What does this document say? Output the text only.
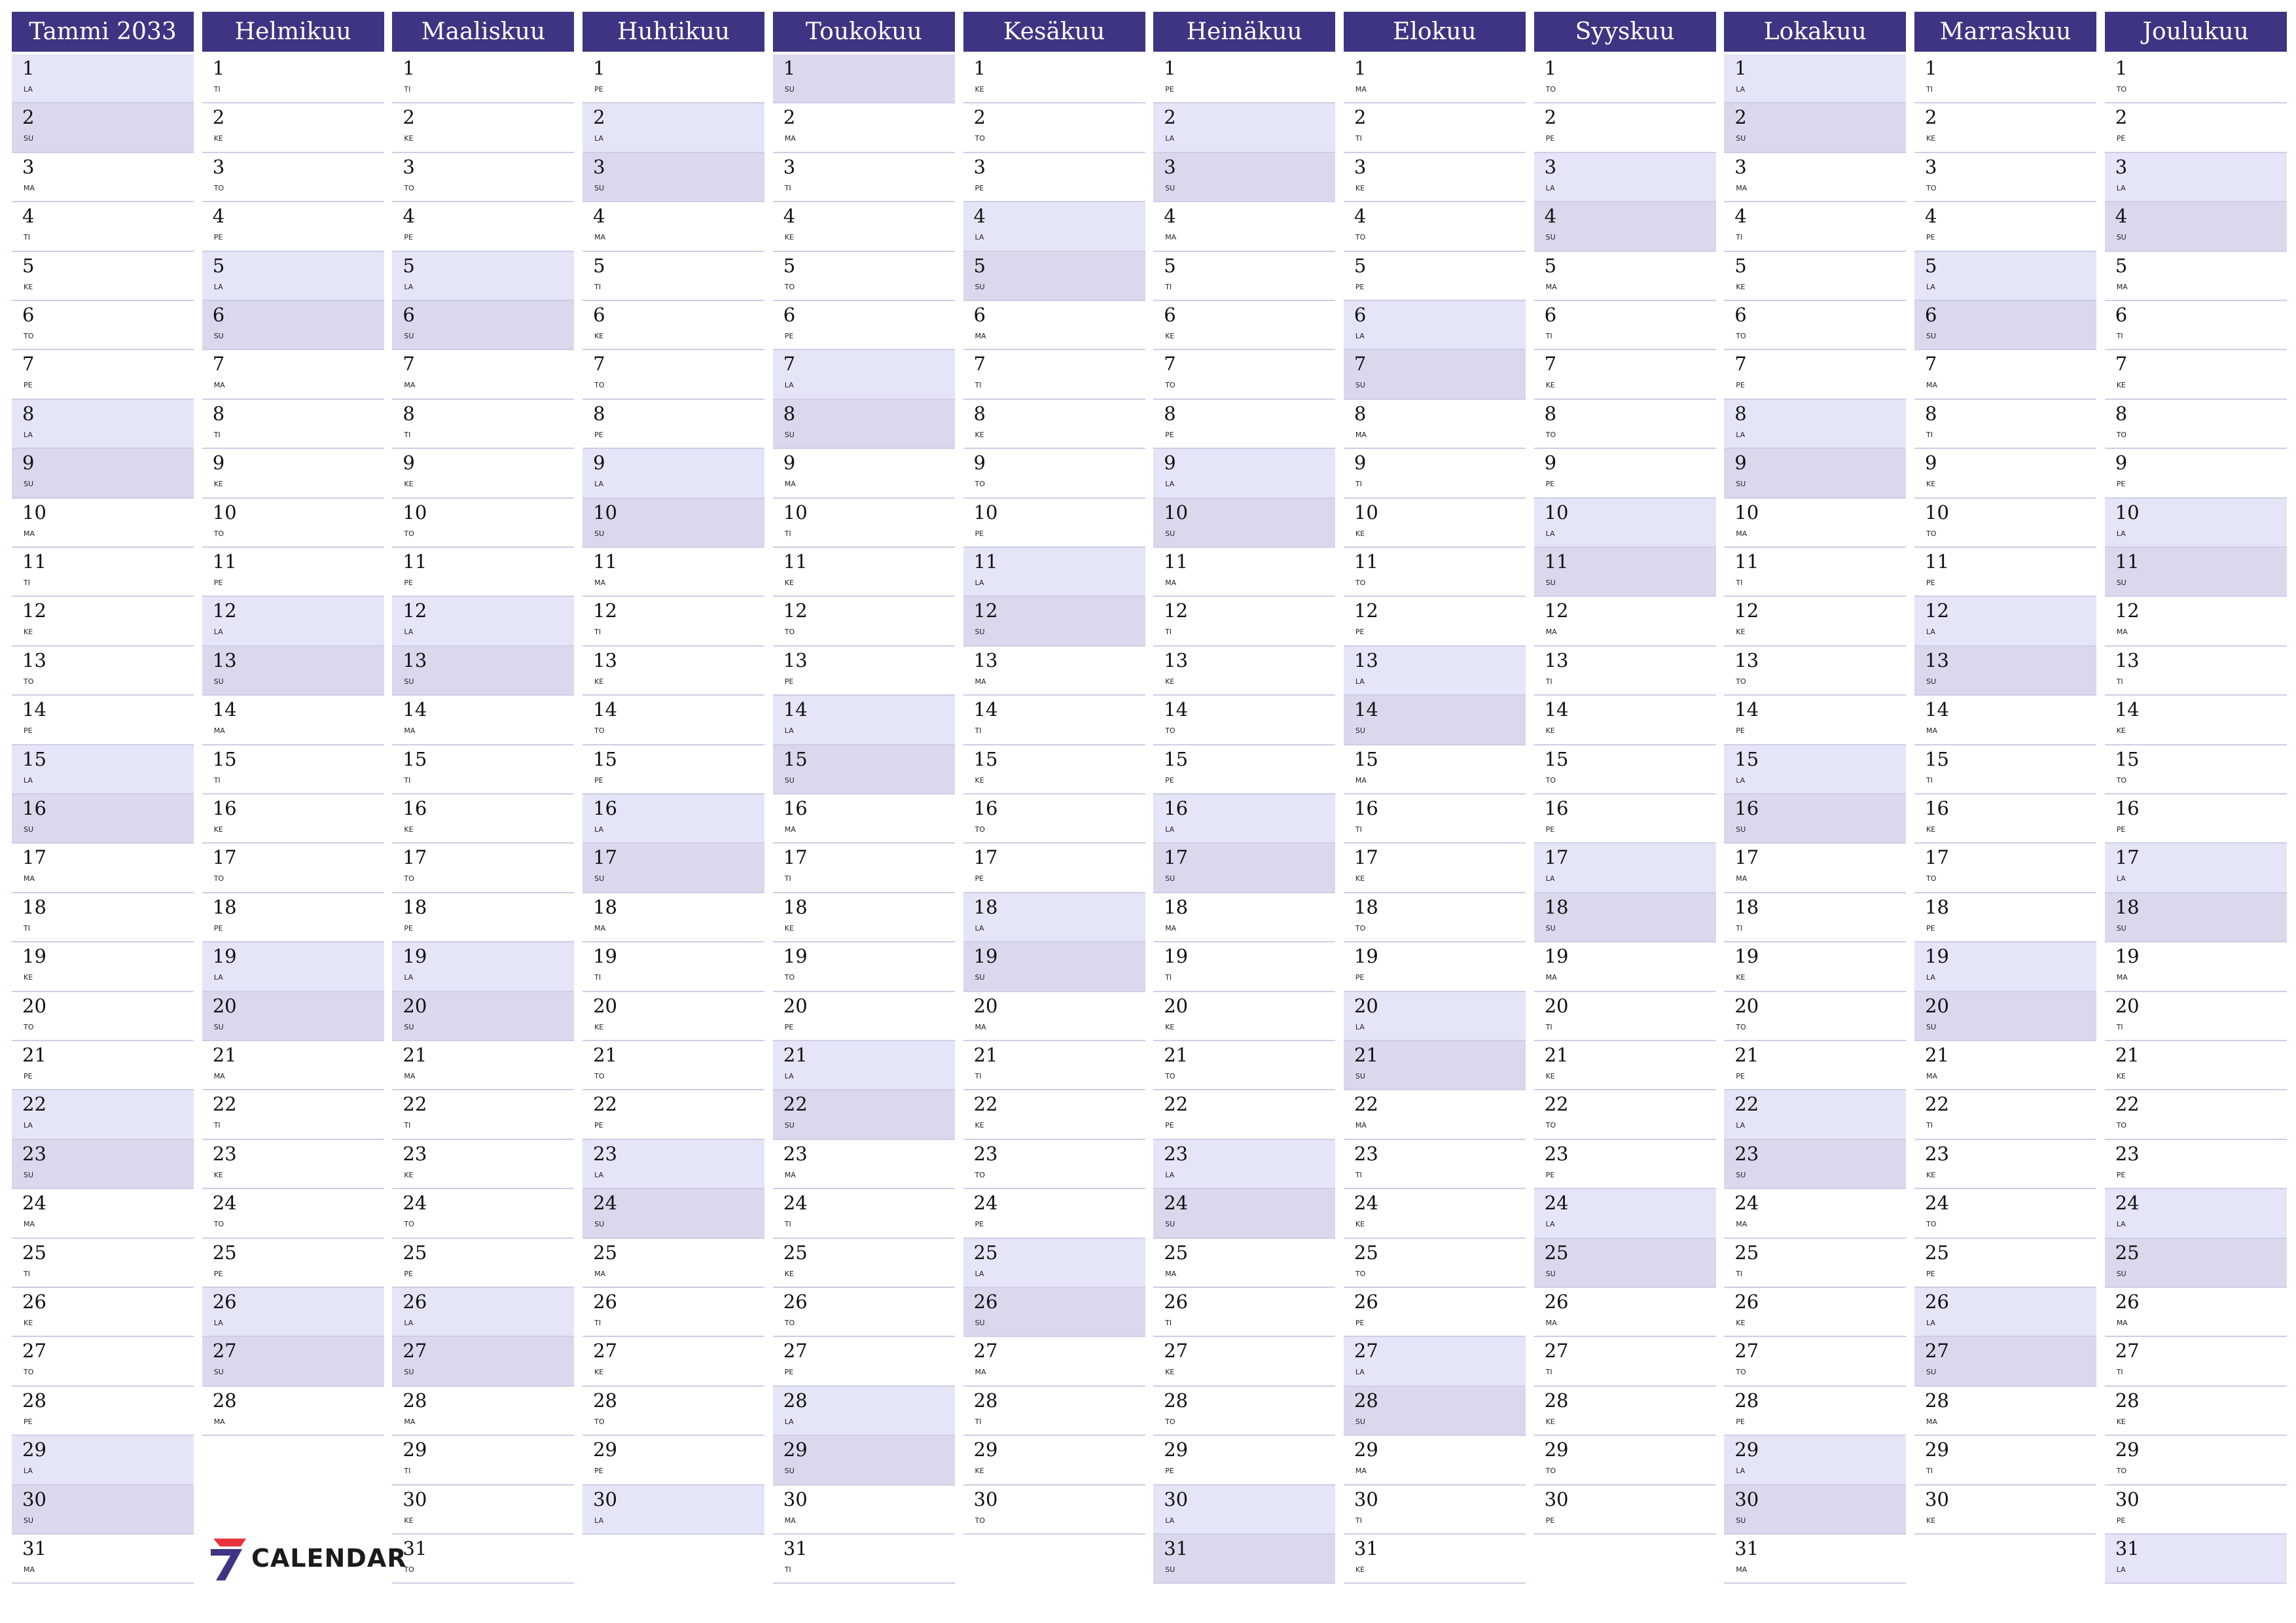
Tammi 2033
1
LA
2
SU
3
MA
4
TI
5
KE
6
TO
7
PE
8
LA
9
SU
10
MA
11
TI
12
KE
13
TO
14
PE
15
LA
16
SU
17
MA
18
TI
19
KE
20
TO
21
PE
22
LA
23
SU
24
MA
25
TI
26
KE
27
TO
28
PE
29
LA
30
SU
31
MA
Helmikuu
1
TI
2
KE
3
TO
4
PE
5
LA
6
SU
7
MA
8
TI
9
KE
10
TO
11
PE
12
LA
13
SU
14
MA
15
TI
16
KE
17
TO
18
PE
19
LA
20
SU
21
MA
22
TI
23
KE
24
TO
25
PE
26
LA
27
SU
28
MA
Maaliskuu
1
TI
2
KE
3
TO
4
PE
5
LA
6
SU
7
MA
8
TI
9
KE
10
TO
11
PE
12
LA
13
SU
14
MA
15
TI
16
KE
17
TO
18
PE
19
LA
20
SU
21
MA
22
TI
23
KE
24
TO
25
PE
26
LA
27
SU
28
MA
29
TI
30
KE
31
TO
Huhtikuu
1
PE
2
LA
3
SU
4
MA
5
TI
6
KE
7
TO
8
PE
9
LA
10
SU
11
MA
12
TI
13
KE
14
TO
15
PE
16
LA
17
SU
18
MA
19
TI
20
KE
21
TO
22
PE
23
LA
24
SU
25
MA
26
TI
27
KE
28
TO
29
PE
30
LA
Toukokuu
1
SU
2
MA
3
TI
4
KE
5
TO
6
PE
7
LA
8
SU
9
MA
10
TI
11
KE
12
TO
13
PE
14
LA
15
SU
16
MA
17
TI
18
KE
19
TO
20
PE
21
LA
22
SU
23
MA
24
TI
25
KE
26
TO
27
PE
28
LA
29
SU
30
MA
31
TI
Kesäkuu
1
KE
2
TO
3
PE
4
LA
5
SU
6
MA
7
TI
8
KE
9
TO
10
PE
11
LA
12
SU
13
MA
14
TI
15
KE
16
TO
17
PE
18
LA
19
SU
20
MA
21
TI
22
KE
23
TO
24
PE
25
LA
26
SU
27
MA
28
TI
29
KE
30
TO
Heinäkuu
1
PE
2
LA
3
SU
4
MA
5
TI
6
KE
7
TO
8
PE
9
LA
10
SU
11
MA
12
TI
13
KE
14
TO
15
PE
16
LA
17
SU
18
MA
19
TI
20
KE
21
TO
22
PE
23
LA
24
SU
25
MA
26
TI
27
KE
28
TO
29
PE
30
LA
31
SU
Elokuu
1
MA
2
TI
3
KE
4
TO
5
PE
6
LA
7
SU
8
MA
9
TI
10
KE
11
TO
12
PE
13
LA
14
SU
15
MA
16
TI
17
KE
18
TO
19
PE
20
LA
21
SU
22
MA
23
TI
24
KE
25
TO
26
PE
27
LA
28
SU
29
MA
30
TI
31
KE
Syyskuu
1
TO
2
PE
3
LA
4
SU
5
MA
6
TI
7
KE
8
TO
9
PE
10
LA
11
SU
12
MA
13
TI
14
KE
15
TO
16
PE
17
LA
18
SU
19
MA
20
TI
21
KE
22
TO
23
PE
24
LA
25
SU
26
MA
27
TI
28
KE
29
TO
30
PE
Lokakuu
1
LA
2
SU
3
MA
4
TI
5
KE
6
TO
7
PE
8
LA
9
SU
10
MA
11
TI
12
KE
13
TO
14
PE
15
LA
16
SU
17
MA
18
TI
19
KE
20
TO
21
PE
22
LA
23
SU
24
MA
25
TI
26
KE
27
TO
28
PE
29
LA
30
SU
31
MA
Marraskuu
1
TI
2
KE
3
TO
4
PE
5
LA
6
SU
7
MA
8
TI
9
KE
10
TO
11
PE
12
LA
13
SU
14
MA
15
TI
16
KE
17
TO
18
PE
19
LA
20
SU
21
MA
22
TI
23
KE
24
TO
25
PE
26
LA
27
SU
28
MA
29
TI
30
KE
Joulukuu
1
TO
2
PE
3
LA
4
SU
5
MA
6
TI
7
KE
8
TO
9
PE
10
LA
11
SU
12
MA
13
TI
14
KE
15
TO
16
PE
17
LA
18
SU
19
MA
20
TI
21
KE
22
TO
23
PE
24
LA
25
SU
26
MA
27
TI
28
KE
29
TO
30
PE
31
LA
CALENDAR
